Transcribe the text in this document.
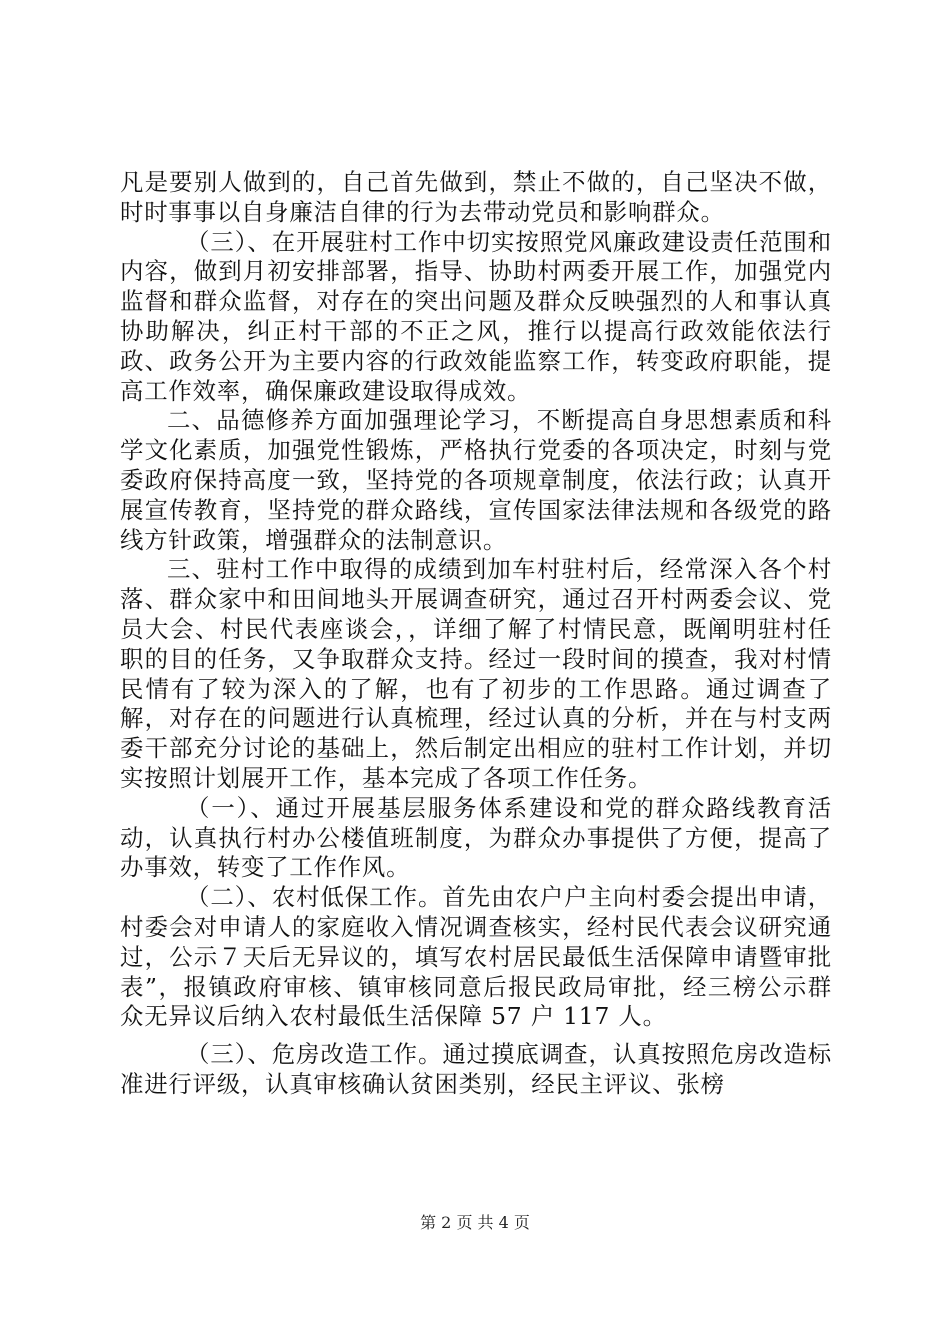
凡是要别人做到的，自己首先做到，禁止不做的，自己坚决不做，时时事事以自身廉洁自律的行为去带动党员和影响群众。

（三）、在开展驻村工作中切实按照党风廉政建设责任范围和内容，做到月初安排部署，指导、协助村两委开展工作，加强党内监督和群众监督，对存在的突出问题及群众反映强烈的人和事认真协助解决，纠正村干部的不正之风，推行以提高行政效能依法行政、政务公开为主要内容的行政效能监察工作，转变政府职能，提高工作效率，确保廉政建设取得成效。

二、品德修养方面加强理论学习，不断提高自身思想素质和科学文化素质，加强党性锻炼，严格执行党委的各项决定，时刻与党委政府保持高度一致，坚持党的各项规章制度，依法行政；认真开展宣传教育，坚持党的群众路线，宣传国家法律法规和各级党的路线方针政策，增强群众的法制意识。

三、驻村工作中取得的成绩到加车村驻村后，经常深入各个村落、群众家中和田间地头开展调查研究，通过召开村两委会议、党员大会、村民代表座谈会，，详细了解了村情民意，既阐明驻村任职的目的任务，又争取群众支持。经过一段时间的摸查，我对村情民情有了较为深入的了解，也有了初步的工作思路。通过调查了解，对存在的问题进行认真梳理，经过认真的分析，并在与村支两委干部充分讨论的基础上，然后制定出相应的驻村工作计划，并切实按照计划展开工作，基本完成了各项工作任务。

（一）、通过开展基层服务体系建设和党的群众路线教育活动，认真执行村办公楼值班制度，为群众办事提供了方便，提高了办事效，转变了工作作风。

（二）、农村低保工作。首先由农户户主向村委会提出申请，村委会对申请人的家庭收入情况调查核实，经村民代表会议研究通过，公示７天后无异议的，填写农村居民最低生活保障申请暨审批表”，报镇政府审核、镇审核同意后报民政局审批，经三榜公示群众无异议后纳入农村最低生活保障 57 户 117 人。

（三）、危房改造工作。通过摸底调查，认真按照危房改造标准进行评级，认真审核确认贫困类别，经民主评议、张榜

第 2 页 共 4 页
